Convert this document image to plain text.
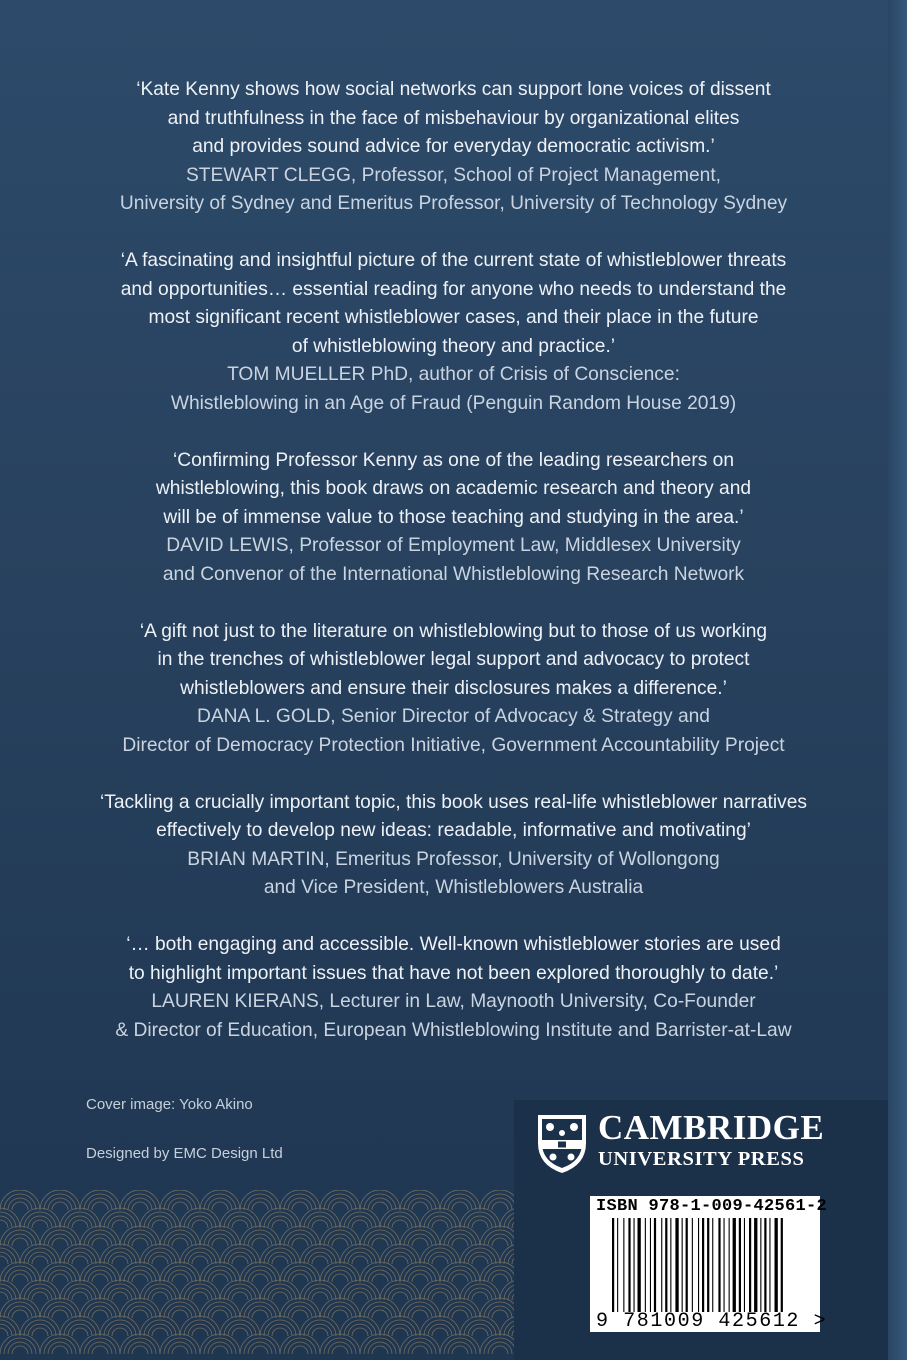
‘Kate Kenny shows how social networks can support lone voices of dissent
and truthfulness in the face of misbehaviour by organizational elites
and provides sound advice for everyday democratic activism.’
STEWART CLEGG, Professor, School of Project Management,
University of Sydney and Emeritus Professor, University of Technology Sydney
‘A fascinating and insightful picture of the current state of whistleblower threats
and opportunities… essential reading for anyone who needs to understand the
most significant recent whistleblower cases, and their place in the future
of whistleblowing theory and practice.’
TOM MUELLER PhD, author of Crisis of Conscience:
Whistleblowing in an Age of Fraud (Penguin Random House 2019)
‘Confirming Professor Kenny as one of the leading researchers on
whistleblowing, this book draws on academic research and theory and
will be of immense value to those teaching and studying in the area.’
DAVID LEWIS, Professor of Employment Law, Middlesex University
and Convenor of the International Whistleblowing Research Network
‘A gift not just to the literature on whistleblowing but to those of us working
in the trenches of whistleblower legal support and advocacy to protect
whistleblowers and ensure their disclosures makes a difference.’
DANA L. GOLD, Senior Director of Advocacy & Strategy and
Director of Democracy Protection Initiative, Government Accountability Project
‘Tackling a crucially important topic, this book uses real-life whistleblower narratives
effectively to develop new ideas: readable, informative and motivating’
BRIAN MARTIN, Emeritus Professor, University of Wollongong
and Vice President, Whistleblowers Australia
‘… both engaging and accessible. Well-known whistleblower stories are used
to highlight important issues that have not been explored thoroughly to date.’
LAUREN KIERANS, Lecturer in Law, Maynooth University, Co-Founder
& Director of Education, European Whistleblowing Institute and Barrister-at-Law
Cover image: Yoko Akino
Designed by EMC Design Ltd
CAMBRIDGE
UNIVERSITY PRESS
ISBN 978-1-009-42561-2
9 781009 425612 >
